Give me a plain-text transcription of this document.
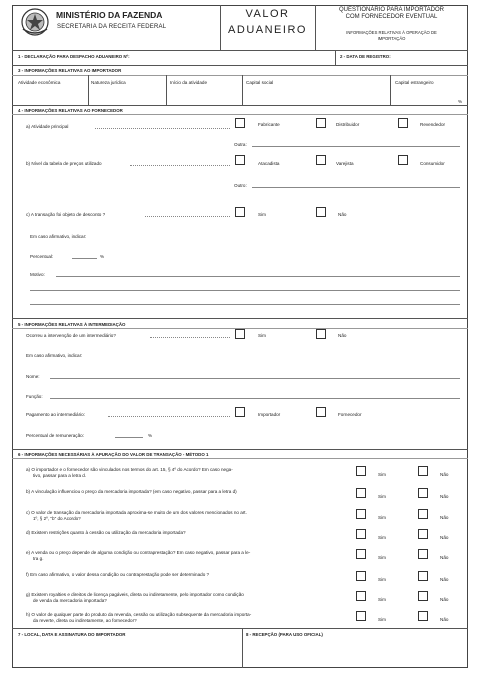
MINISTÉRIO DA FAZENDA
SECRETARIA DA RECEITA FEDERAL
VALOR
ADUANEIRO
QUESTIONÁRIO PARA IMPORTADOR
COM FORNECEDOR EVENTUAL
INFORMAÇÕES RELATIVAS À OPERAÇÃO DE
IMPORTAÇÃO
1 - DECLARAÇÃO PARA DESPACHO ADUANEIRO Nº:	2 - DATA DE REGISTRO:
3 - INFORMAÇÕES RELATIVAS AO IMPORTADOR
Atividade econômica	Natureza jurídica	Início da atividade	Capital social	Capital estrangeiro
%
4 - INFORMAÇÕES RELATIVAS AO FORNECEDOR
a) Atividade principal	Fabricante	Distribuidor	Revendedor
Outra:
b) Nível da tabela de preços utilizado	Atacadista	Varejista	Consumidor
Outro:
c) A transação foi objeto de desconto ?	Sim	Não
Em caso afirmativo, indicar:
Percentual:	%
Motivo:
5 - INFORMAÇÕES RELATIVAS À INTERMEDIAÇÃO
Ocorreu a intervenção de um intermediário?	Sim	Não
Em caso afirmativo, indicar:
Nome:
Função:
Pagamento ao intermediário:	Importador	Fornecedor
Percentual de remuneração:	%
6 - INFORMAÇÕES NECESSÁRIAS À APURAÇÃO DO VALOR DE TRANSAÇÃO - MÉTODO 1
a) O importador e o fornecedor são vinculados nos termos do art. 15, § 4º do Acordo? Em caso nega-
tivo, passar para a letra d.	Sim	Não
b) A vinculação influenciou o preço da mercadoria importada? (em caso negativo, passar para a letra d)
Sim	Não
c) O valor de transação da mercadoria importada aproxima-se muito de um dos valores mencionados no art.
1º, § 2º, "b" do Acordo?	Sim	Não
d) Existem restrições quanto à cessão ou utilização da mercadoria importada?
Sim	Não
e) A venda ou o preço depende de alguma condição ou contraprestação? Em caso negativo, passar para a le-
tra g.	Sim	Não
f) Em caso afirmativo, o valor dessa condição ou contraprestação pode ser determinado ?
Sim	Não
g) Existem royalties e direitos de licença pagáveis, direta ou indiretamente, pelo importador como condição
de venda da mercadoria importada?	Sim	Não
h) O valor de qualquer parte do produto da revenda, cessão ou utilização subsequente da mercadoria importa-
da reverte, direta ou indiretamente, ao fornecedor?	Sim	Não
7 - LOCAL, DATA E ASSINATURA DO IMPORTADOR	8 - RECEPÇÃO (PARA USO OFICIAL)
